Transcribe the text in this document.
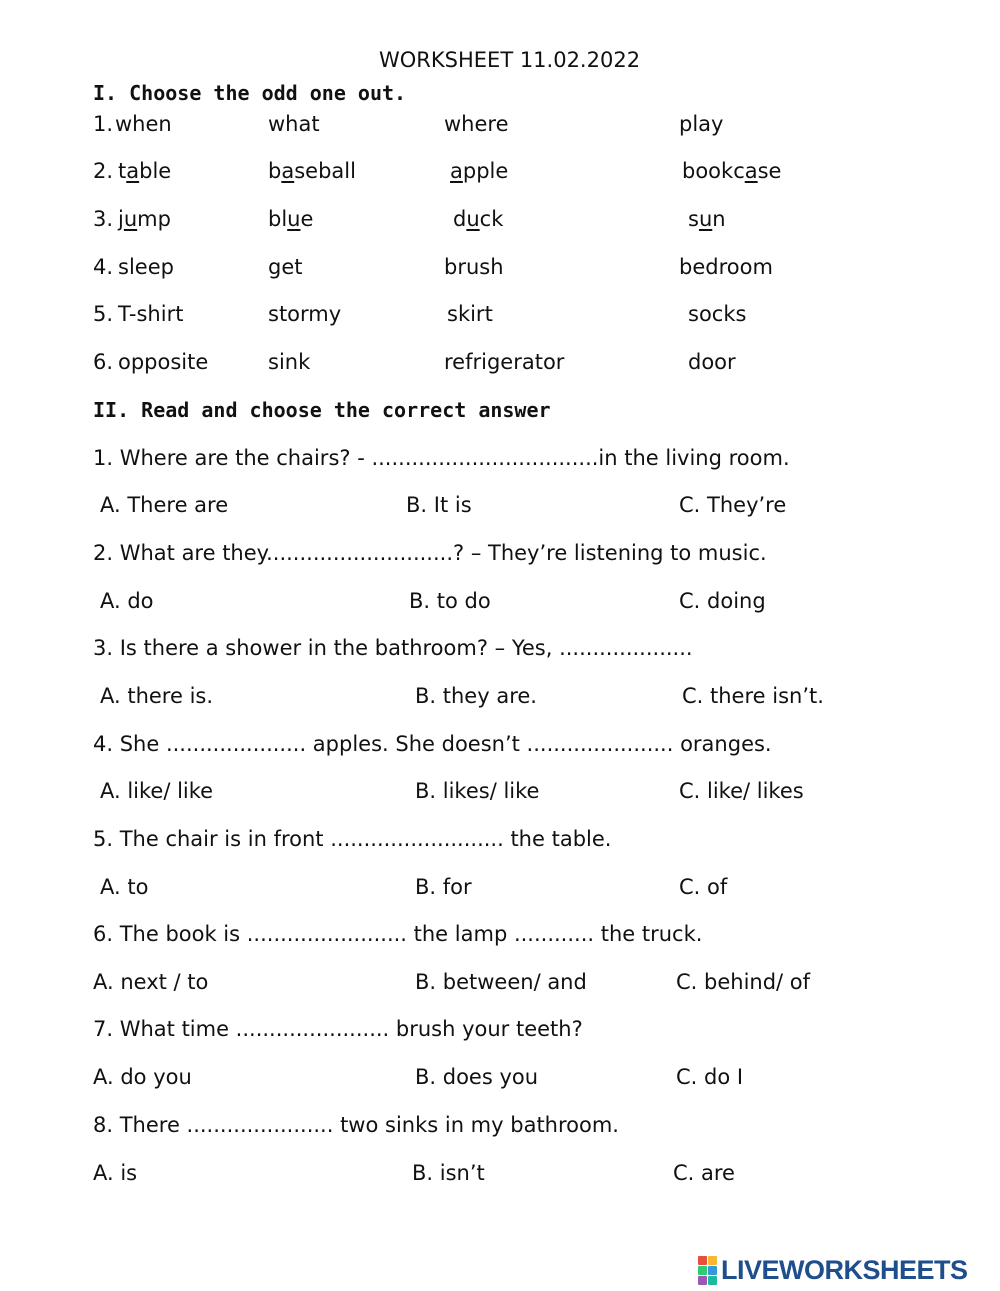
WORKSHEET 11.02.2022
I. Choose the odd one out.
1. when	what	where	play
2. table	baseball	apple	bookcase
3. jump	blue	duck	sun
4. sleep	get	brush	bedroom
5. T-shirt	stormy	skirt	socks
6. opposite	sink	refrigerator	door
II. Read and choose the correct answer
1. Where are the chairs? - ..................................in the living room.
A. There are	B. It is	C. They’re
2. What are they............................? – They’re listening to music.
A. do	B. to do	C. doing
3. Is there a shower in the bathroom? – Yes, ....................
A. there is.	B. they are.	C. there isn’t.
4. She ..................... apples. She doesn’t ...................... oranges.
A. like/ like	B. likes/ like	C. like/ likes
5. The chair is in front .......................... the table.
A. to	B. for	C. of
6. The book is ........................ the lamp ............ the truck.
A. next / to	B. between/ and	C. behind/ of
7. What time ....................... brush your teeth?
A. do you	B. does you	C. do I
8. There ...................... two sinks in my bathroom.
A. is	B. isn’t	C. are
LIVEWORKSHEETS
